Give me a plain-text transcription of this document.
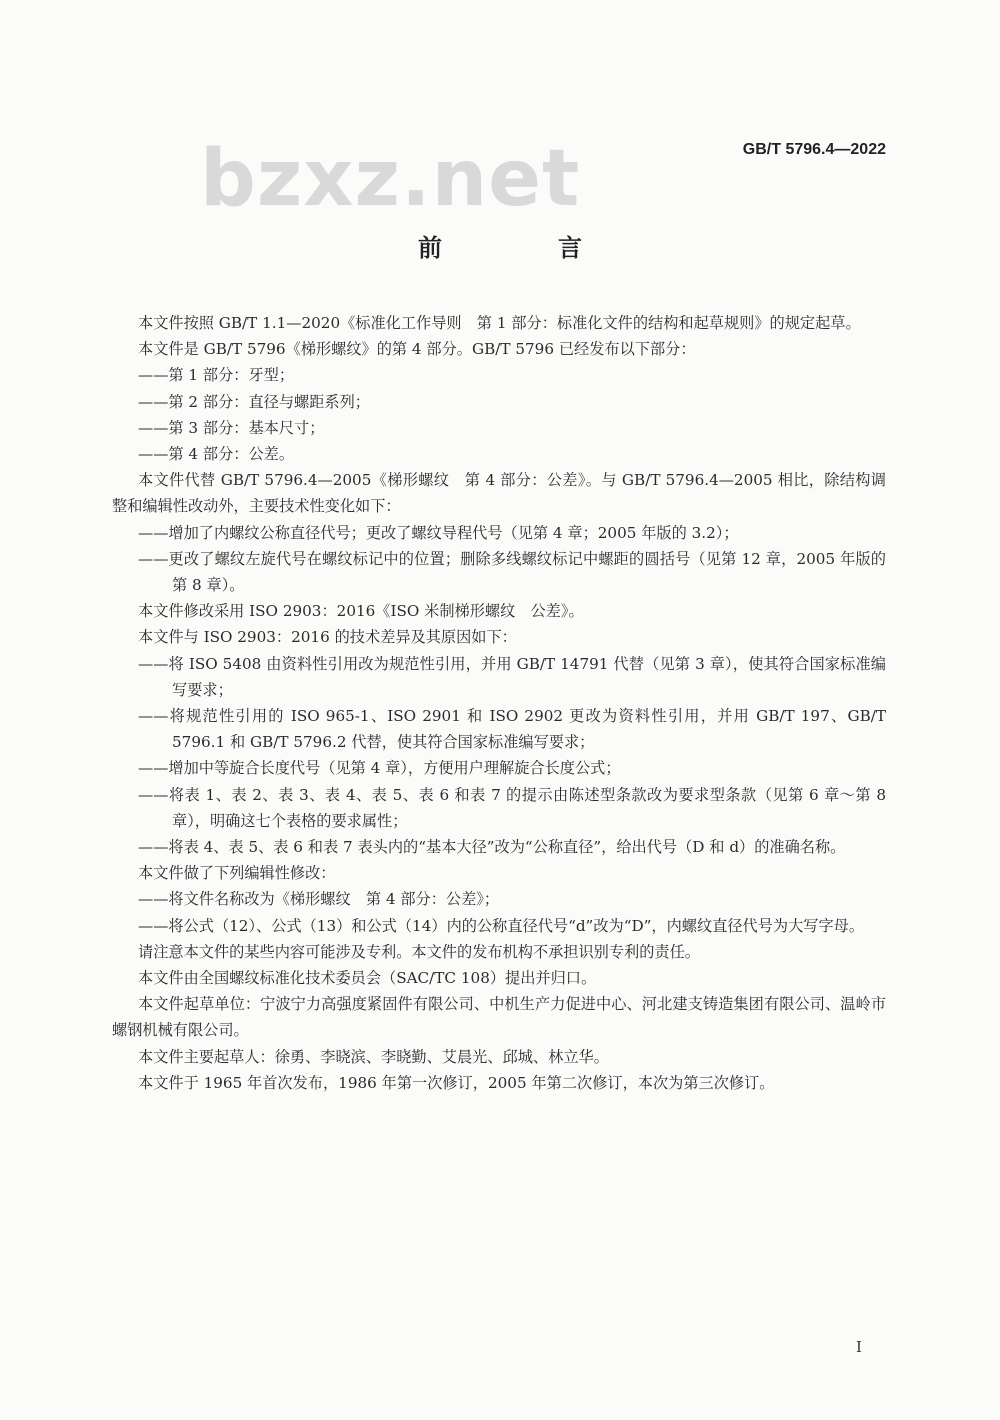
bzxz.net	GB/T 5796.4—2022
前　言

本文件按照 GB/T 1.1—2020《标准化工作导则　第 1 部分：标准化文件的结构和起草规则》的规定起草。

本文件是 GB/T 5796《梯形螺纹》的第 4 部分。GB/T 5796 已经发布以下部分：

——第 1 部分：牙型；

——第 2 部分：直径与螺距系列；

——第 3 部分：基本尺寸；

——第 4 部分：公差。

本文件代替 GB/T 5796.4—2005《梯形螺纹　第 4 部分：公差》。与 GB/T 5796.4—2005 相比，除结构调整和编辑性改动外，主要技术性变化如下：

——增加了内螺纹公称直径代号；更改了螺纹导程代号（见第 4 章；2005 年版的 3.2）；

——更改了螺纹左旋代号在螺纹标记中的位置；删除多线螺纹标记中螺距的圆括号（见第 12 章，2005 年版的第 8 章）。

本文件修改采用 ISO 2903：2016《ISO 米制梯形螺纹　公差》。

本文件与 ISO 2903：2016 的技术差异及其原因如下：

——将 ISO 5408 由资料性引用改为规范性引用，并用 GB/T 14791 代替（见第 3 章），使其符合国家标准编写要求；

——将规范性引用的 ISO 965-1、ISO 2901 和 ISO 2902 更改为资料性引用，并用 GB/T 197、GB/T 5796.1 和 GB/T 5796.2 代替，使其符合国家标准编写要求；

——增加中等旋合长度代号（见第 4 章），方便用户理解旋合长度公式；

——将表 1、表 2、表 3、表 4、表 5、表 6 和表 7 的提示由陈述型条款改为要求型条款（见第 6 章～第 8 章），明确这七个表格的要求属性；

——将表 4、表 5、表 6 和表 7 表头内的“基本大径”改为“公称直径”，给出代号（D 和 d）的准确名称。

本文件做了下列编辑性修改：

——将文件名称改为《梯形螺纹　第 4 部分：公差》；

——将公式（12）、公式（13）和公式（14）内的公称直径代号“d”改为“D”，内螺纹直径代号为大写字母。

请注意本文件的某些内容可能涉及专利。本文件的发布机构不承担识别专利的责任。

本文件由全国螺纹标准化技术委员会（SAC/TC 108）提出并归口。

本文件起草单位：宁波宁力高强度紧固件有限公司、中机生产力促进中心、河北建支铸造集团有限公司、温岭市螺钢机械有限公司。

本文件主要起草人：徐勇、李晓滨、李晓勤、艾晨光、邱城、林立华。

本文件于 1965 年首次发布，1986 年第一次修订，2005 年第二次修订，本次为第三次修订。

I
